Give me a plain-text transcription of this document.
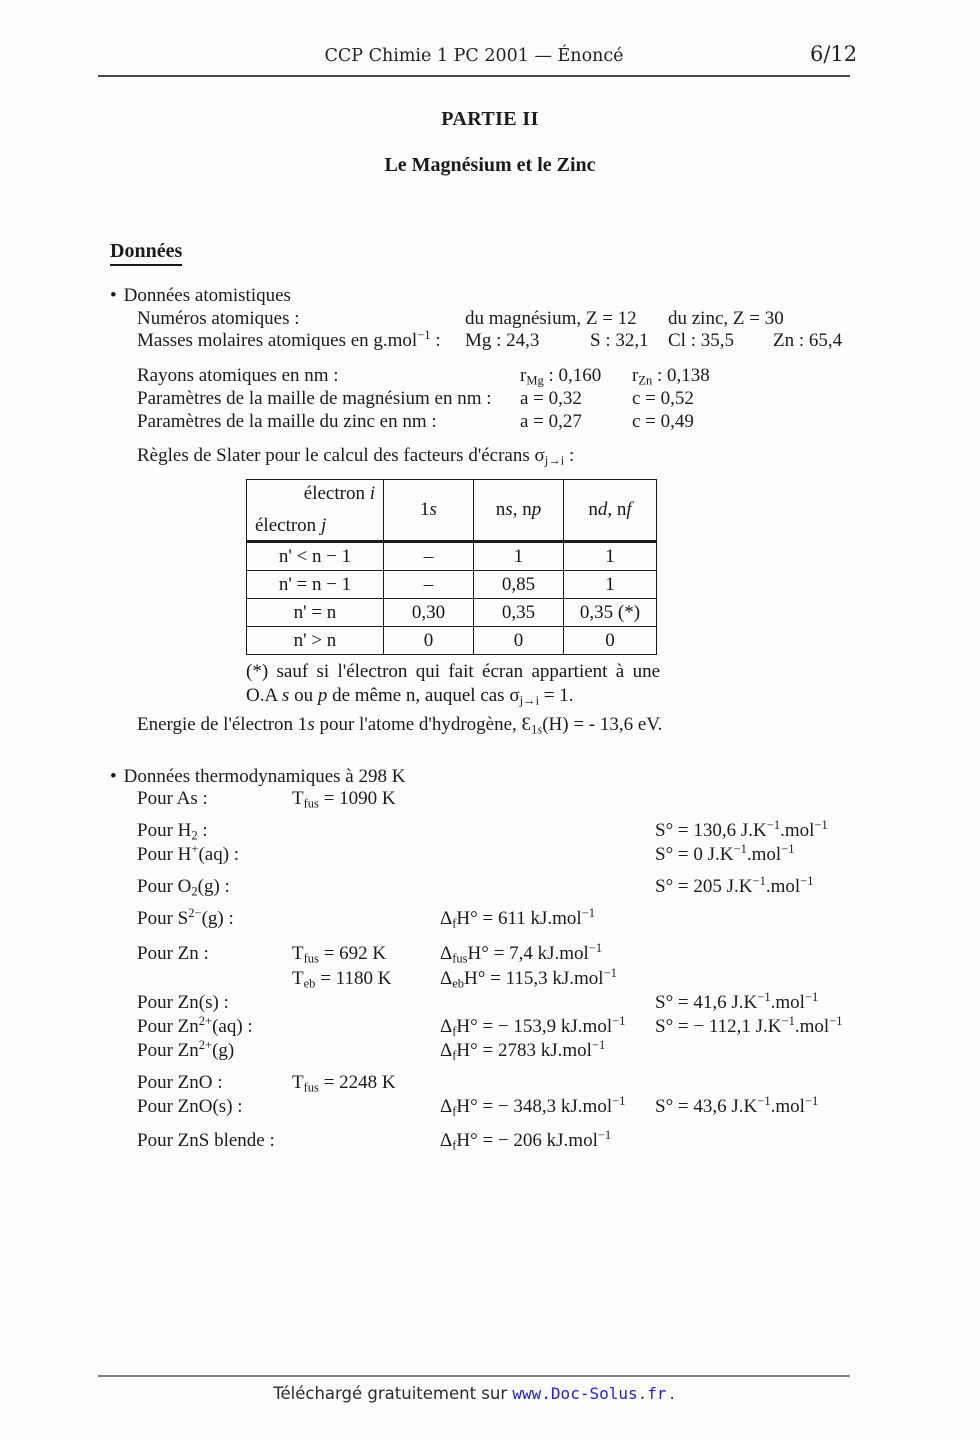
CCP Chimie 1 PC 2001 — Énoncé	6/12
PARTIE II
Le Magnésium et le Zinc
Données
• Données atomistiques
Numéros atomiques :	du magnésium, Z = 12 du zinc, Z = 30
Masses molaires atomiques en g.mol$^{-1}$ : Mg : 24,3	S : 32,1 Cl : 35,5 Zn : 65,4
Rayons atomiques en nm :	$r_{Mg}$ : 0,160 $r_{Zn}$ : 0,138
Paramètres de la maille de magnésium en nm : a = 0,32	c = 0,52
Paramètres de la maille du zinc en nm :	a = 0,27	c = 0,49
Règles de Slater pour le calcul des facteurs d'écrans $\sigma_{j\to i}$ :
électron i
électron j	1s	ns, np	nd, nf
n' < n − 1	–	1	1
n' = n − 1	–	0,85	1
n' = n	0,30	0,35	0,35 (*)
n' > n	0	0	0
(*) sauf si l'électron qui fait écran appartient à une O.A s ou p de même n, auquel cas $\sigma_{j\to i} = 1$.
Energie de l'électron 1s pour l'atome d'hydrogène, $Ɛ_{1s}(H)$ = - 13,6 eV.
• Données thermodynamiques à 298 K
Pour As :	$T_{fus} = 1090$ K
Pour $H_2$ :	S° = 130,6 $J.K^{-1}.mol^{-1}$
Pour H+(aq) :	S° = 0 $J.K^{-1}.mol^{-1}$
Pour $O_2(g)$ :	S° = 205 $J.K^{-1}.mol^{-1}$
Pour $S^{2-}(g)$ :	$\Delta_fH^\circ = 611$ kJ.mol$^{-1}$
Pour Zn :	$T_{fus} = 692$ K	$\Delta_{fus}H^\circ = 7,4$ kJ.mol$^{-1}$
$T_{eb} = 1180$ K	$\Delta_{eb}H^\circ = 115,3$ kJ.mol$^{-1}$
Pour Zn(s) :	S° = 41,6 $J.K^{-1}.mol^{-1}$
Pour $Zn^{2+}(aq)$ :	$\Delta_fH^\circ$ = − 153,9 kJ.mol$^{-1}$ S° = − 112,1 $J.K^{-1}.mol^{-1}$
Pour $Zn^{2+}(g)$	$\Delta_fH^\circ = 2783$ kJ.mol$^{-1}$
Pour ZnO :	$T_{fus} = 2248$ K
Pour ZnO(s) :	$\Delta_fH^\circ$ = − 348,3 kJ.mol$^{-1}$ S° = 43,6 $J.K^{-1}.mol^{-1}$
Pour ZnS blende :	$\Delta_fH^\circ$ = − 206 kJ.mol$^{-1}$
Téléchargé gratuitement sur www.Doc-Solus.fr .
